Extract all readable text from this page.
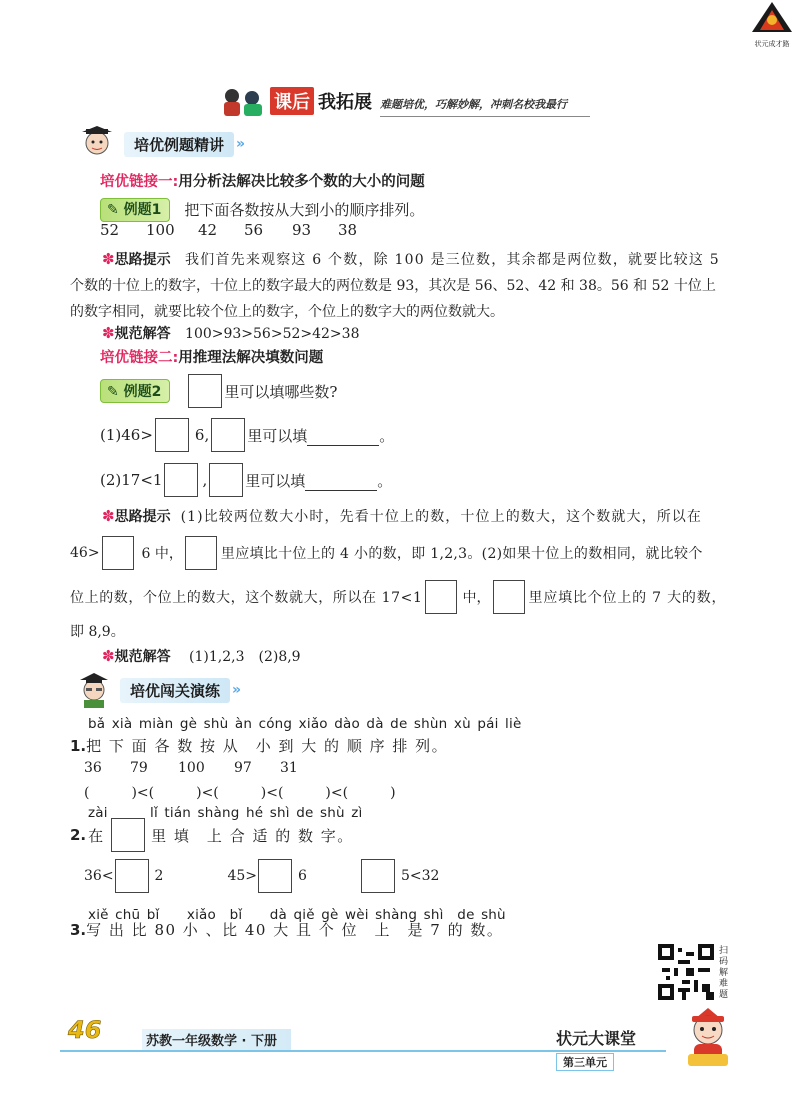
状元成才路
课后 我拓展 难题培优，巧解妙解，冲刺名校我最行
培优例题精讲 »
培优链接一:用分析法解决比较多个数的大小的问题
✎ 例题1	把下面各数按从大到小的顺序排列。
52 100 42 56 93 38
✽思路提示 我们首先来观察这 6 个数，除 100 是三位数，其余都是两位数，就要比较这 5
个数的十位上的数字，十位上的数字最大的两位数是 93，其次是 56、52、42 和 38。56 和 52 十位上
的数字相同，就要比较个位上的数字，个位上的数字大的两位数就大。
✽规范解答 100>93>56>52>42>38
培优链接二:用推理法解决填数问题
✎ 例题2	里可以填哪些数?
(1)46>	6,	里可以填	。
(2)17<1	,	里可以填	。
✽ 思路提示 (1)比较两位数大小时，先看十位上的数，十位上的数大，这个数就大，所以在
46>	6 中，	里应填比十位上的 4 小的数，即 1,2,3。(2)如果十位上的数相同，就比较个
位上的数，个位上的数大，这个数就大，所以在 17<1	中，	里应填比个位上的 7 大的数，
即 8,9。
✽规范解答 (1)1,2,3　(2)8,9
培优闯关演练 »
bǎ xià miàn gè shù àn cóng xiǎo dào dà de shùn xù pái liè
1.把 下 面 各 数 按 从　小 到 大 的 顺 序 排 列。
36 79 100 97 31
(　　　)<(　　　)<(　　　)<(　　　)<(　　　)
zài	lǐ tián shàng hé shì de shù zì
2. 在	里 填　上 合 适 的 数 字。
36<	2	45>	6	5<32
xiě chū bǐ　　xiǎo　bǐ　　dà qiě gè wèi shàng shì　de shù
3.写 出 比 80 小 、比 40 大 且 个 位　上　是 7 的 数。
扫码解难题
46	苏教一年级数学 · 下册	状元大课堂
第三单元
